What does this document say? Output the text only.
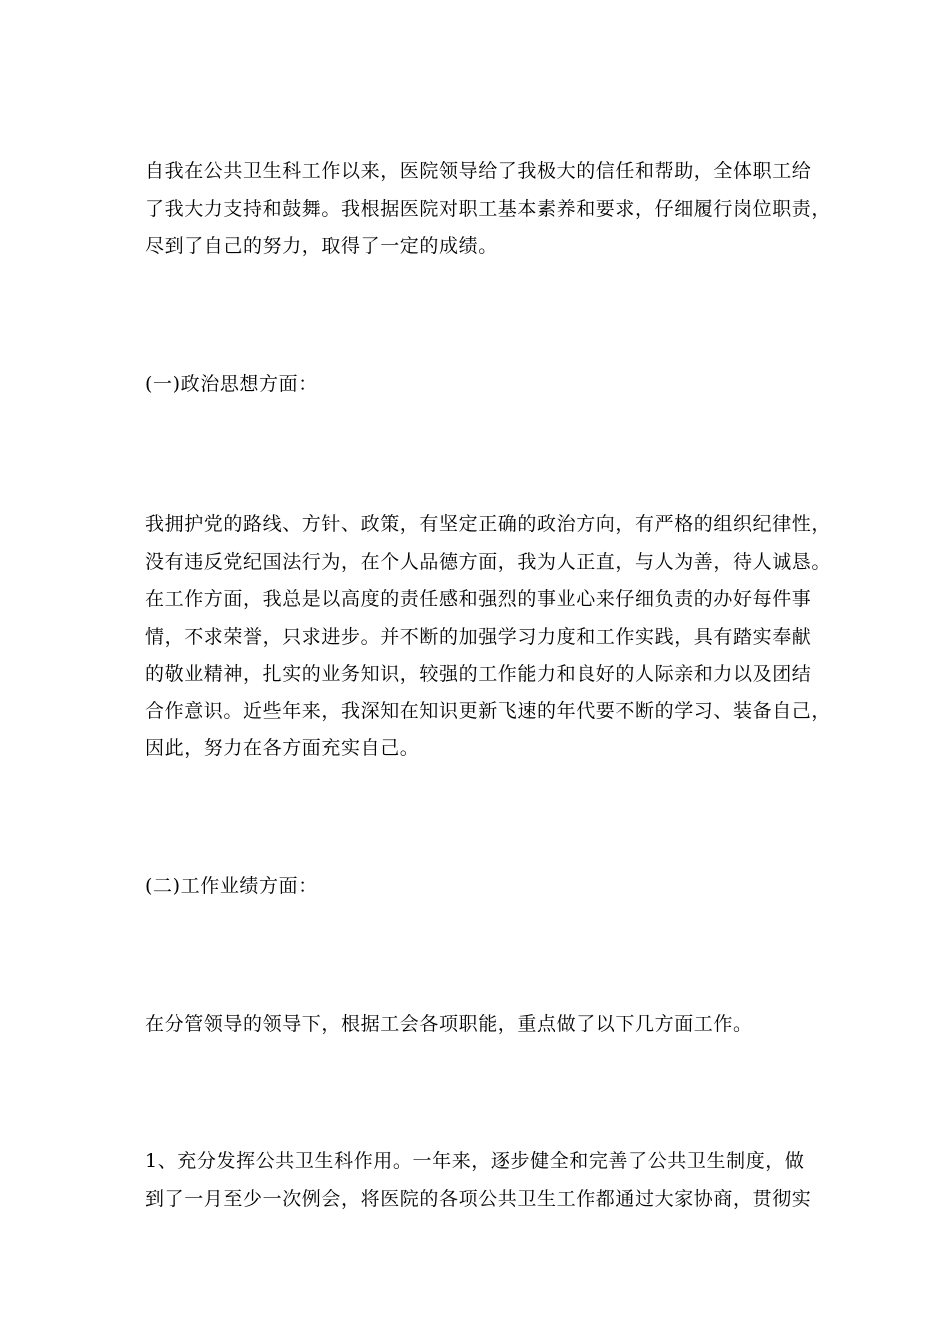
自我在公共卫生科工作以来，医院领导给了我极大的信任和帮助，全体职工给
了我大力支持和鼓舞。我根据医院对职工基本素养和要求，仔细履行岗位职责，
尽到了自己的努力，取得了一定的成绩。
(一)政治思想方面：
我拥护党的路线、方针、政策，有坚定正确的政治方向，有严格的组织纪律性，
没有违反党纪国法行为，在个人品德方面，我为人正直，与人为善，待人诚恳。
在工作方面，我总是以高度的责任感和强烈的事业心来仔细负责的办好每件事
情，不求荣誉，只求进步。并不断的加强学习力度和工作实践，具有踏实奉献
的敬业精神，扎实的业务知识，较强的工作能力和良好的人际亲和力以及团结
合作意识。近些年来，我深知在知识更新飞速的年代要不断的学习、装备自己，
因此，努力在各方面充实自己。
(二)工作业绩方面：
在分管领导的领导下，根据工会各项职能，重点做了以下几方面工作。
1、充分发挥公共卫生科作用。一年来，逐步健全和完善了公共卫生制度，做
到了一月至少一次例会，将医院的各项公共卫生工作都通过大家协商，贯彻实
